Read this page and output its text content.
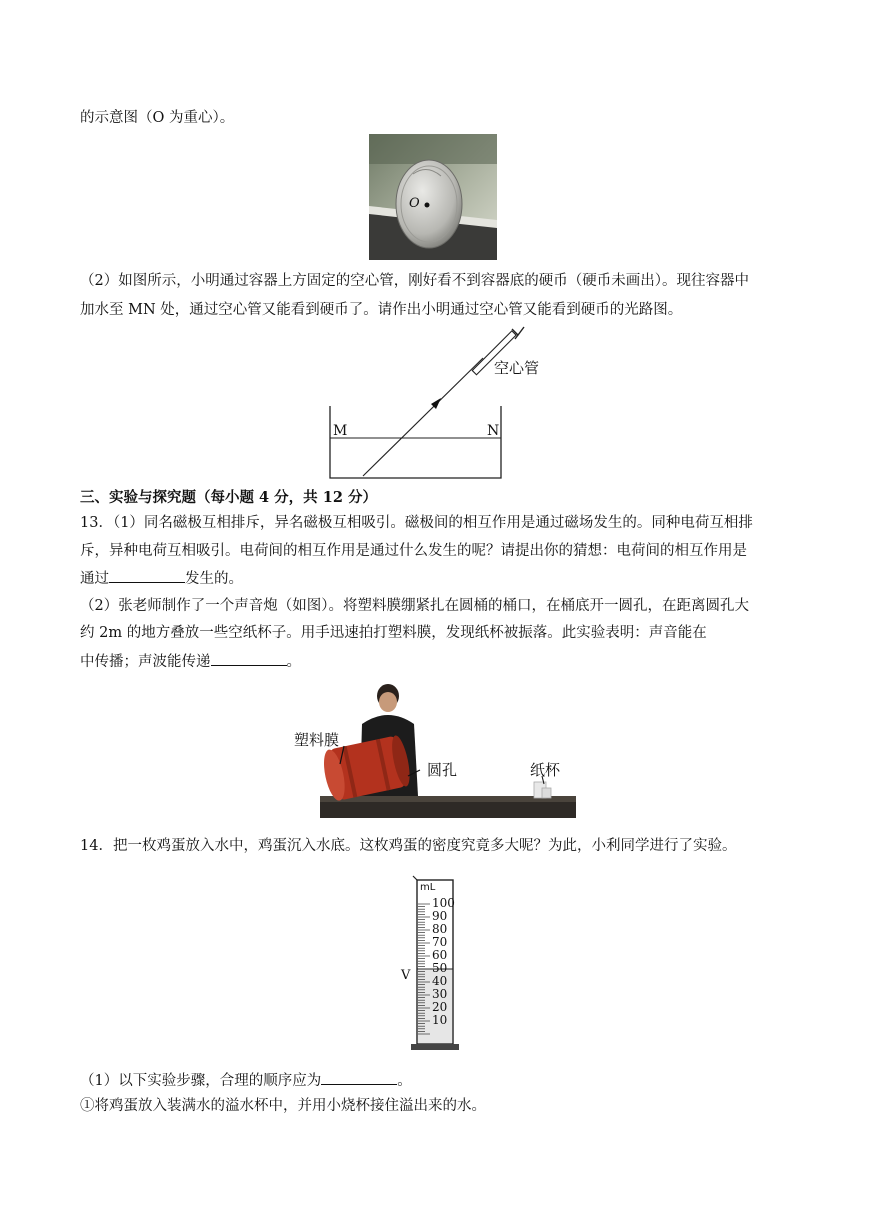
的示意图（O 为重心）。
O
（2）如图所示，小明通过容器上方固定的空心管，刚好看不到容器底的硬币（硬币未画出）。现往容器中
加水至 MN 处，通过空心管又能看到硬币了。请作出小明通过空心管又能看到硬币的光路图。
空心管
M	N
三、实验与探究题（每小题 4 分，共 12 分）
13．（1）同名磁极互相排斥，异名磁极互相吸引。磁极间的相互作用是通过磁场发生的。同种电荷互相排
斥，异种电荷互相吸引。电荷间的相互作用是通过什么发生的呢？请提出你的猜想：电荷间的相互作用是
通过	发生的。
（2）张老师制作了一个声音炮（如图）。将塑料膜绷紧扎在圆桶的桶口，在桶底开一圆孔，在距离圆孔大
约 2m 的地方叠放一些空纸杯子。用手迅速拍打塑料膜，发现纸杯被振落。此实验表明：声音能在
中传播；声波能传递	。
塑料膜
圆孔	纸杯
14．把一枚鸡蛋放入水中，鸡蛋沉入水底。这枚鸡蛋的密度究竟多大呢？为此，小利同学进行了实验。
mL
V
100
90
80
70
60
50
40
30
20
10
（1）以下实验步骤，合理的顺序应为	。
①将鸡蛋放入装满水的溢水杯中，并用小烧杯接住溢出来的水。
